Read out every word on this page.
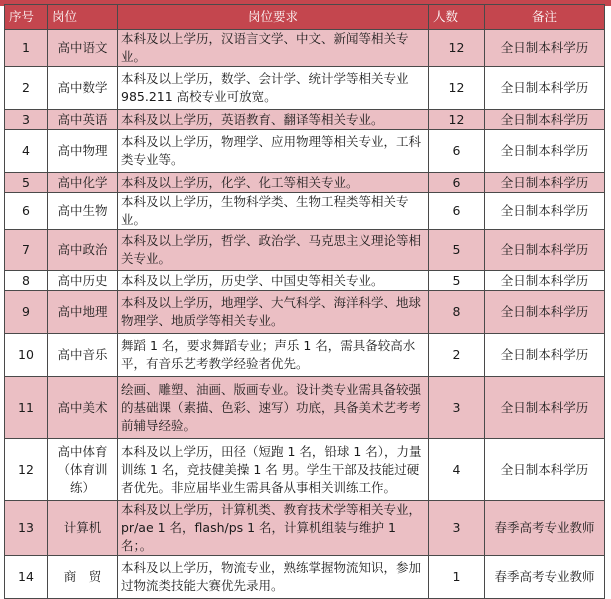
序号	岗位	岗位要求	人数	备注
1	高中语文	本科及以上学历，汉语言文学、中文、新闻等相关专业。	12	全日制本科学历
2	高中数学	本科及以上学历，数学、会计学、统计学等相关专业 985.211 高校专业可放宽。	12	全日制本科学历
3	高中英语	本科及以上学历，英语教育、翻译等相关专业。	12	全日制本科学历
4	高中物理	本科及以上学历，物理学、应用物理等相关专业，工科类专业等。	6	全日制本科学历
5	高中化学	本科及以上学历，化学、化工等相关专业。	6	全日制本科学历
6	高中生物	本科及以上学历，生物科学类、生物工程类等相关专业。	6	全日制本科学历
7	高中政治	本科及以上学历，哲学、政治学、马克思主义理论等相关专业。	5	全日制本科学历
8	高中历史	本科及以上学历，历史学、中国史等相关专业。	5	全日制本科学历
9	高中地理	本科及以上学历，地理学、大气科学、海洋科学、地球物理学、地质学等相关专业。	8	全日制本科学历
10	高中音乐	舞蹈 1 名，要求舞蹈专业；声乐 1 名，需具备较高水平，有音乐艺考教学经验者优先。	2	全日制本科学历
11	高中美术	绘画、雕塑、油画、版画专业。设计类专业需具备较强的基础课（素描、色彩、速写）功底，具备美术艺考考前辅导经验。	3	全日制本科学历
12	高中体育（体育训练）	本科及以上学历，田径（短跑 1 名，铅球 1 名），力量训练 1 名，竞技健美操 1 名 男。学生干部及技能过硬者优先。非应届毕业生需具备从事相关训练工作。	4	全日制本科学历
13	计算机	本科及以上学历，计算机类、教育技术学等相关专业，pr/ae 1 名，flash/ps 1 名，计算机组装与维护 1 名；。	3	春季高考专业教师
14	商　贸	本科及以上学历，物流专业，熟练掌握物流知识，参加过物流类技能大赛优先录用。	1	春季高考专业教师
